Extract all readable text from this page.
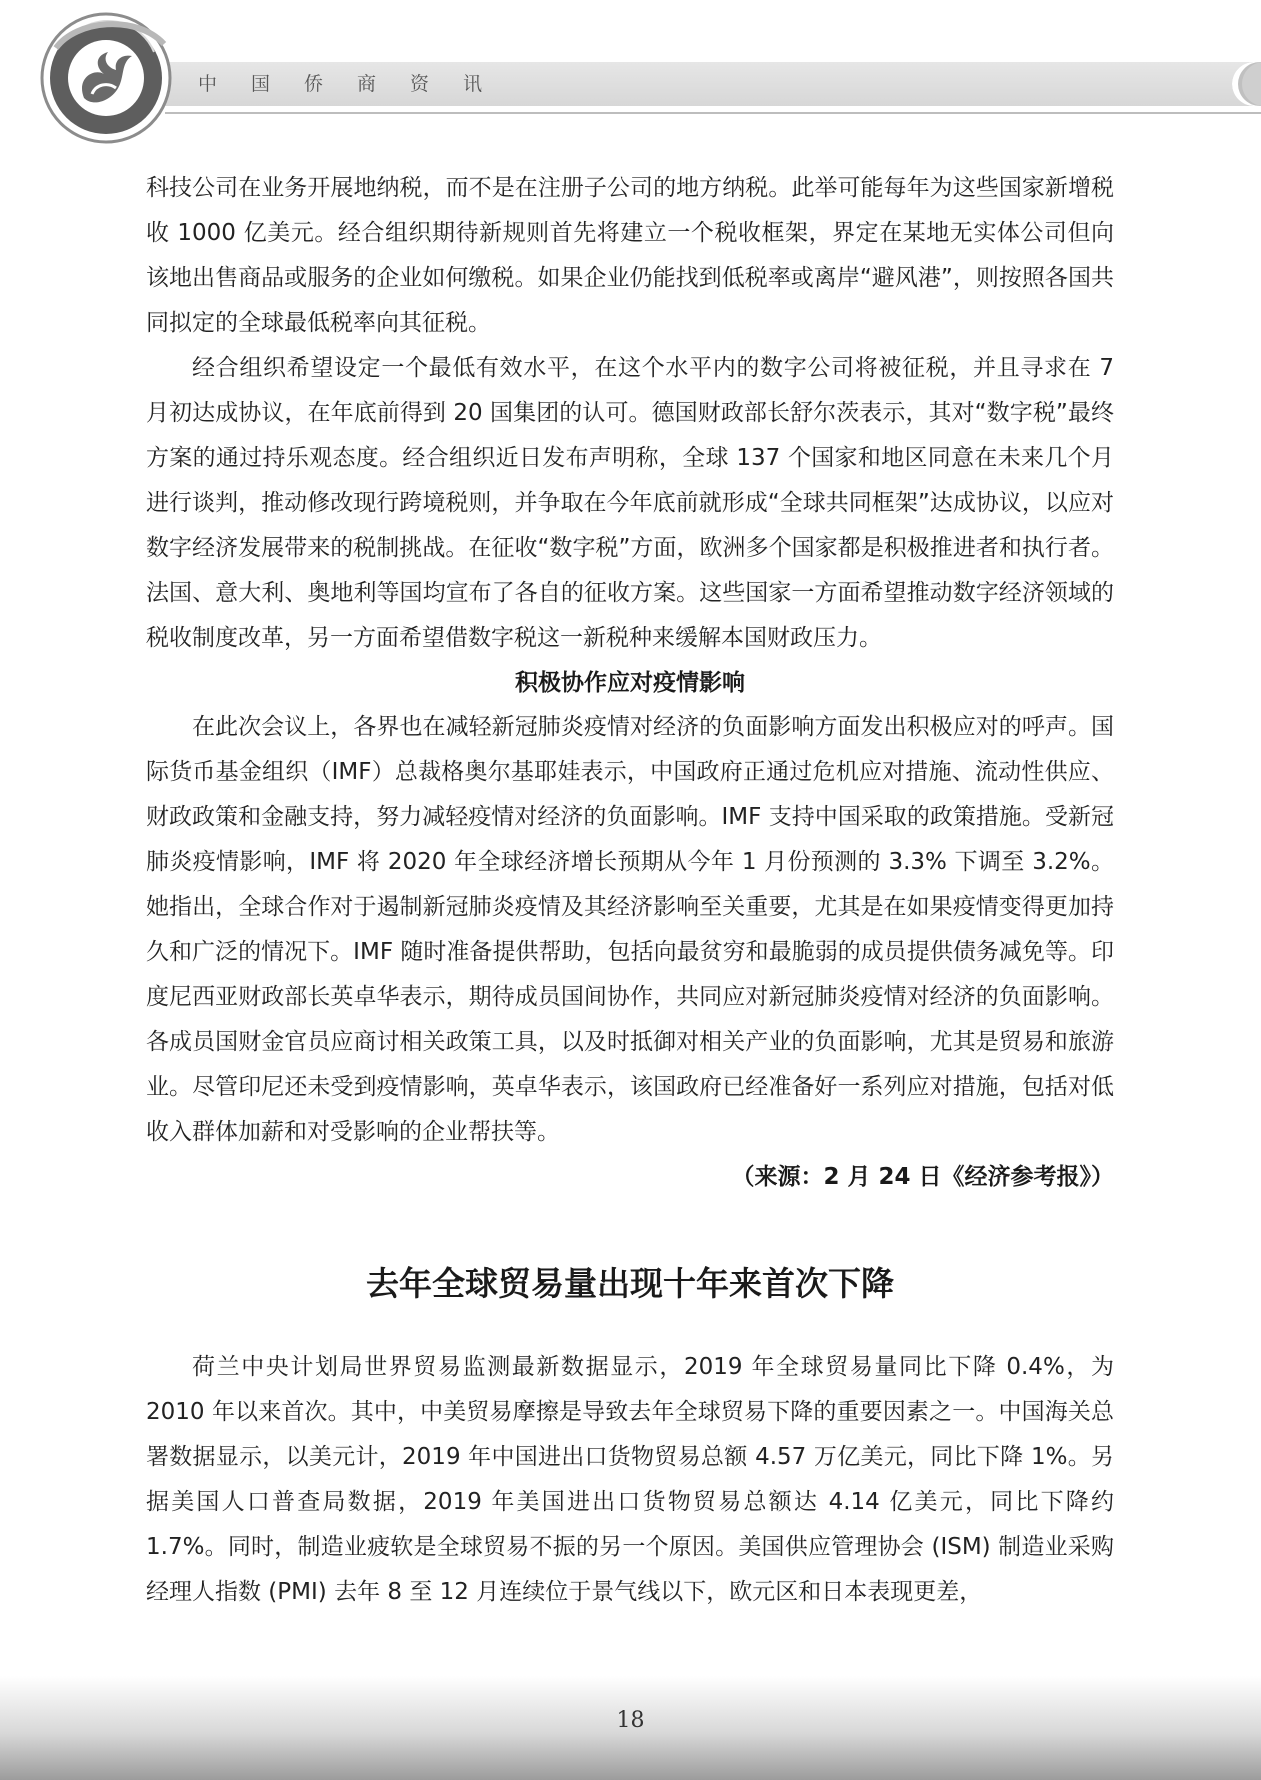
中国侨商资讯

科技公司在业务开展地纳税，而不是在注册子公司的地方纳税。此举可能每年为这些国家新增税收 1000 亿美元。经合组织期待新规则首先将建立一个税收框架，界定在某地无实体公司但向该地出售商品或服务的企业如何缴税。如果企业仍能找到低税率或离岸“避风港”，则按照各国共同拟定的全球最低税率向其征税。

经合组织希望设定一个最低有效水平，在这个水平内的数字公司将被征税，并且寻求在 7 月初达成协议，在年底前得到 20 国集团的认可。德国财政部长舒尔茨表示，其对“数字税”最终方案的通过持乐观态度。经合组织近日发布声明称，全球 137 个国家和地区同意在未来几个月进行谈判，推动修改现行跨境税则，并争取在今年底前就形成“全球共同框架”达成协议，以应对数字经济发展带来的税制挑战。在征收“数字税”方面，欧洲多个国家都是积极推进者和执行者。法国、意大利、奥地利等国均宣布了各自的征收方案。这些国家一方面希望推动数字经济领域的税收制度改革，另一方面希望借数字税这一新税种来缓解本国财政压力。

积极协作应对疫情影响

在此次会议上，各界也在减轻新冠肺炎疫情对经济的负面影响方面发出积极应对的呼声。国际货币基金组织（IMF）总裁格奥尔基耶娃表示，中国政府正通过危机应对措施、流动性供应、财政政策和金融支持，努力减轻疫情对经济的负面影响。IMF 支持中国采取的政策措施。受新冠肺炎疫情影响，IMF 将 2020 年全球经济增长预期从今年 1 月份预测的 3.3% 下调至 3.2%。她指出，全球合作对于遏制新冠肺炎疫情及其经济影响至关重要，尤其是在如果疫情变得更加持久和广泛的情况下。IMF 随时准备提供帮助，包括向最贫穷和最脆弱的成员提供债务减免等。印度尼西亚财政部长英卓华表示，期待成员国间协作，共同应对新冠肺炎疫情对经济的负面影响。各成员国财金官员应商讨相关政策工具，以及时抵御对相关产业的负面影响，尤其是贸易和旅游业。尽管印尼还未受到疫情影响，英卓华表示，该国政府已经准备好一系列应对措施，包括对低收入群体加薪和对受影响的企业帮扶等。

（来源：2 月 24 日《经济参考报》）

去年全球贸易量出现十年来首次下降

荷兰中央计划局世界贸易监测最新数据显示，2019 年全球贸易量同比下降 0.4%，为 2010 年以来首次。其中，中美贸易摩擦是导致去年全球贸易下降的重要因素之一。中国海关总署数据显示，以美元计，2019 年中国进出口货物贸易总额 4.57 万亿美元，同比下降 1%。另据美国人口普查局数据，2019 年美国进出口货物贸易总额达 4.14 亿美元，同比下降约 1.7%。同时，制造业疲软是全球贸易不振的另一个原因。美国供应管理协会 (ISM) 制造业采购经理人指数 (PMI) 去年 8 至 12 月连续位于景气线以下，欧元区和日本表现更差，

18
